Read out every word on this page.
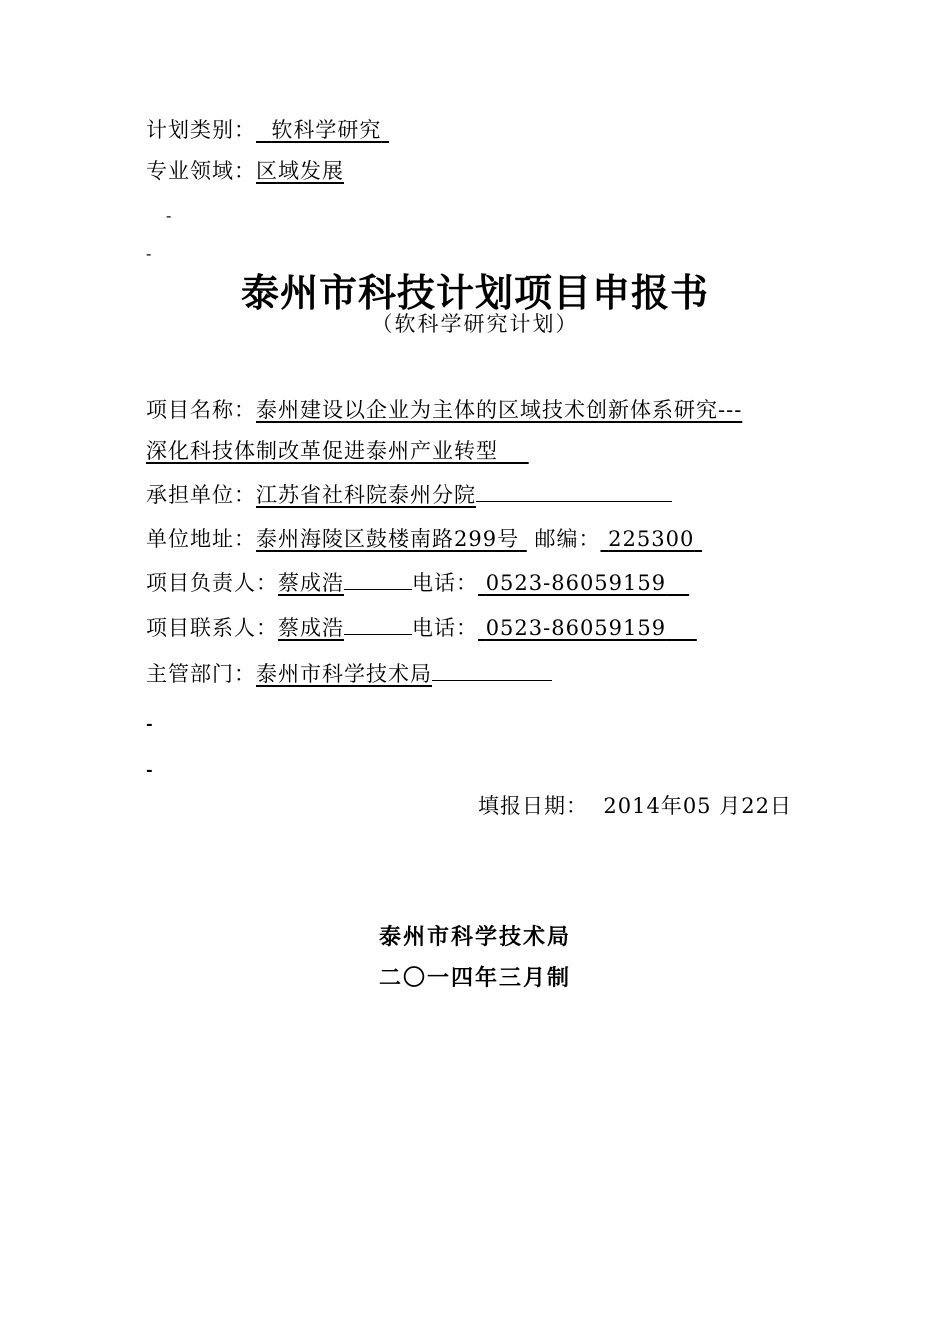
计划类别： 软科学研究
专业领域：区域发展
-
-
泰州市科技计划项目申报书
（软科学研究计划）
项目名称：泰州建设以企业为主体的区域技术创新体系研究---
深化科技体制改革促进泰州产业转型
承担单位：江苏省社科院泰州分院
单位地址：泰州海陵区鼓楼南路299号 邮编： 225300
项目负责人：蔡成浩	电话： 0523-86059159
项目联系人：蔡成浩	电话： 0523-86059159
主管部门：泰州市科学技术局
-
-
填报日期： 2014年05 月22日
泰州市科学技术局
二〇一四年三月制
